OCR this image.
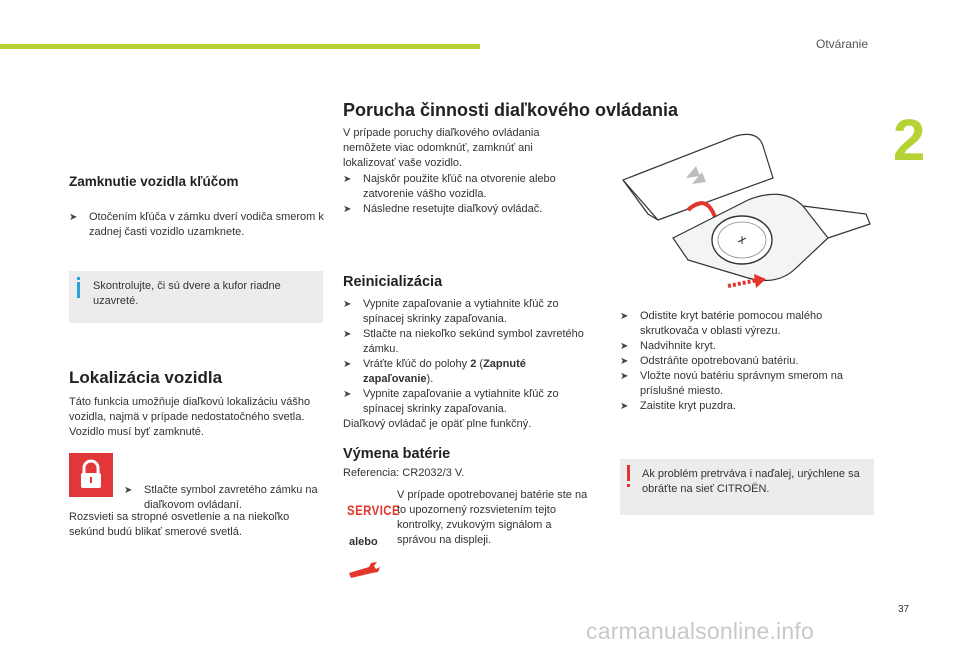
Otváranie
2
Zamknutie vozidla kľúčom
➤ Otočením kľúča v zámku dverí vodiča smerom k zadnej časti vozidlo uzamknete.
Skontrolujte, či sú dvere a kufor riadne uzavreté.
Lokalizácia vozidla
Táto funkcia umožňuje diaľkovú lokalizáciu vášho vozidla, najmä v prípade nedostatočného svetla. Vozidlo musí byť zamknuté.
➤ Stlačte symbol zavretého zámku na diaľkovom ovládaní.
Rozsvieti sa stropné osvetlenie a na niekoľko sekúnd budú blikať smerové svetlá.
Porucha činnosti diaľkového ovládania
V prípade poruchy diaľkového ovládania nemôžete viac odomknúť, zamknúť ani lokalizovať vaše vozidlo.
➤ Najskôr použite kľúč na otvorenie alebo zatvorenie vášho vozidla.
➤ Následne resetujte diaľkový ovládač.
Reinicializácia
➤ Vypnite zapaľovanie a vytiahnite kľúč zo spínacej skrinky zapaľovania.
➤ Stlačte na niekoľko sekúnd symbol zavretého zámku.
➤ Vráťte kľúč do polohy 2 (Zapnuté zapaľovanie).
➤ Vypnite zapaľovanie a vytiahnite kľúč zo spínacej skrinky zapaľovania.
Diaľkový ovládač je opäť plne funkčný.
Výmena batérie
Referencia: CR2032/3 V.
SERVICE
alebo
V prípade opotrebovanej batérie ste na to upozornený rozsvietením tejto kontrolky, zvukovým signálom a správou na displeji.
➤ Odistite kryt batérie pomocou malého skrutkovača v oblasti výrezu.
➤ Nadvihnite kryt.
➤ Odstráňte opotrebovanú batériu.
➤ Vložte novú batériu správnym smerom na príslušné miesto.
➤ Zaistite kryt puzdra.
Ak problém pretrváva i naďalej, urýchlene sa obráťte na sieť CITROËN.
37
carmanualsonline.info
